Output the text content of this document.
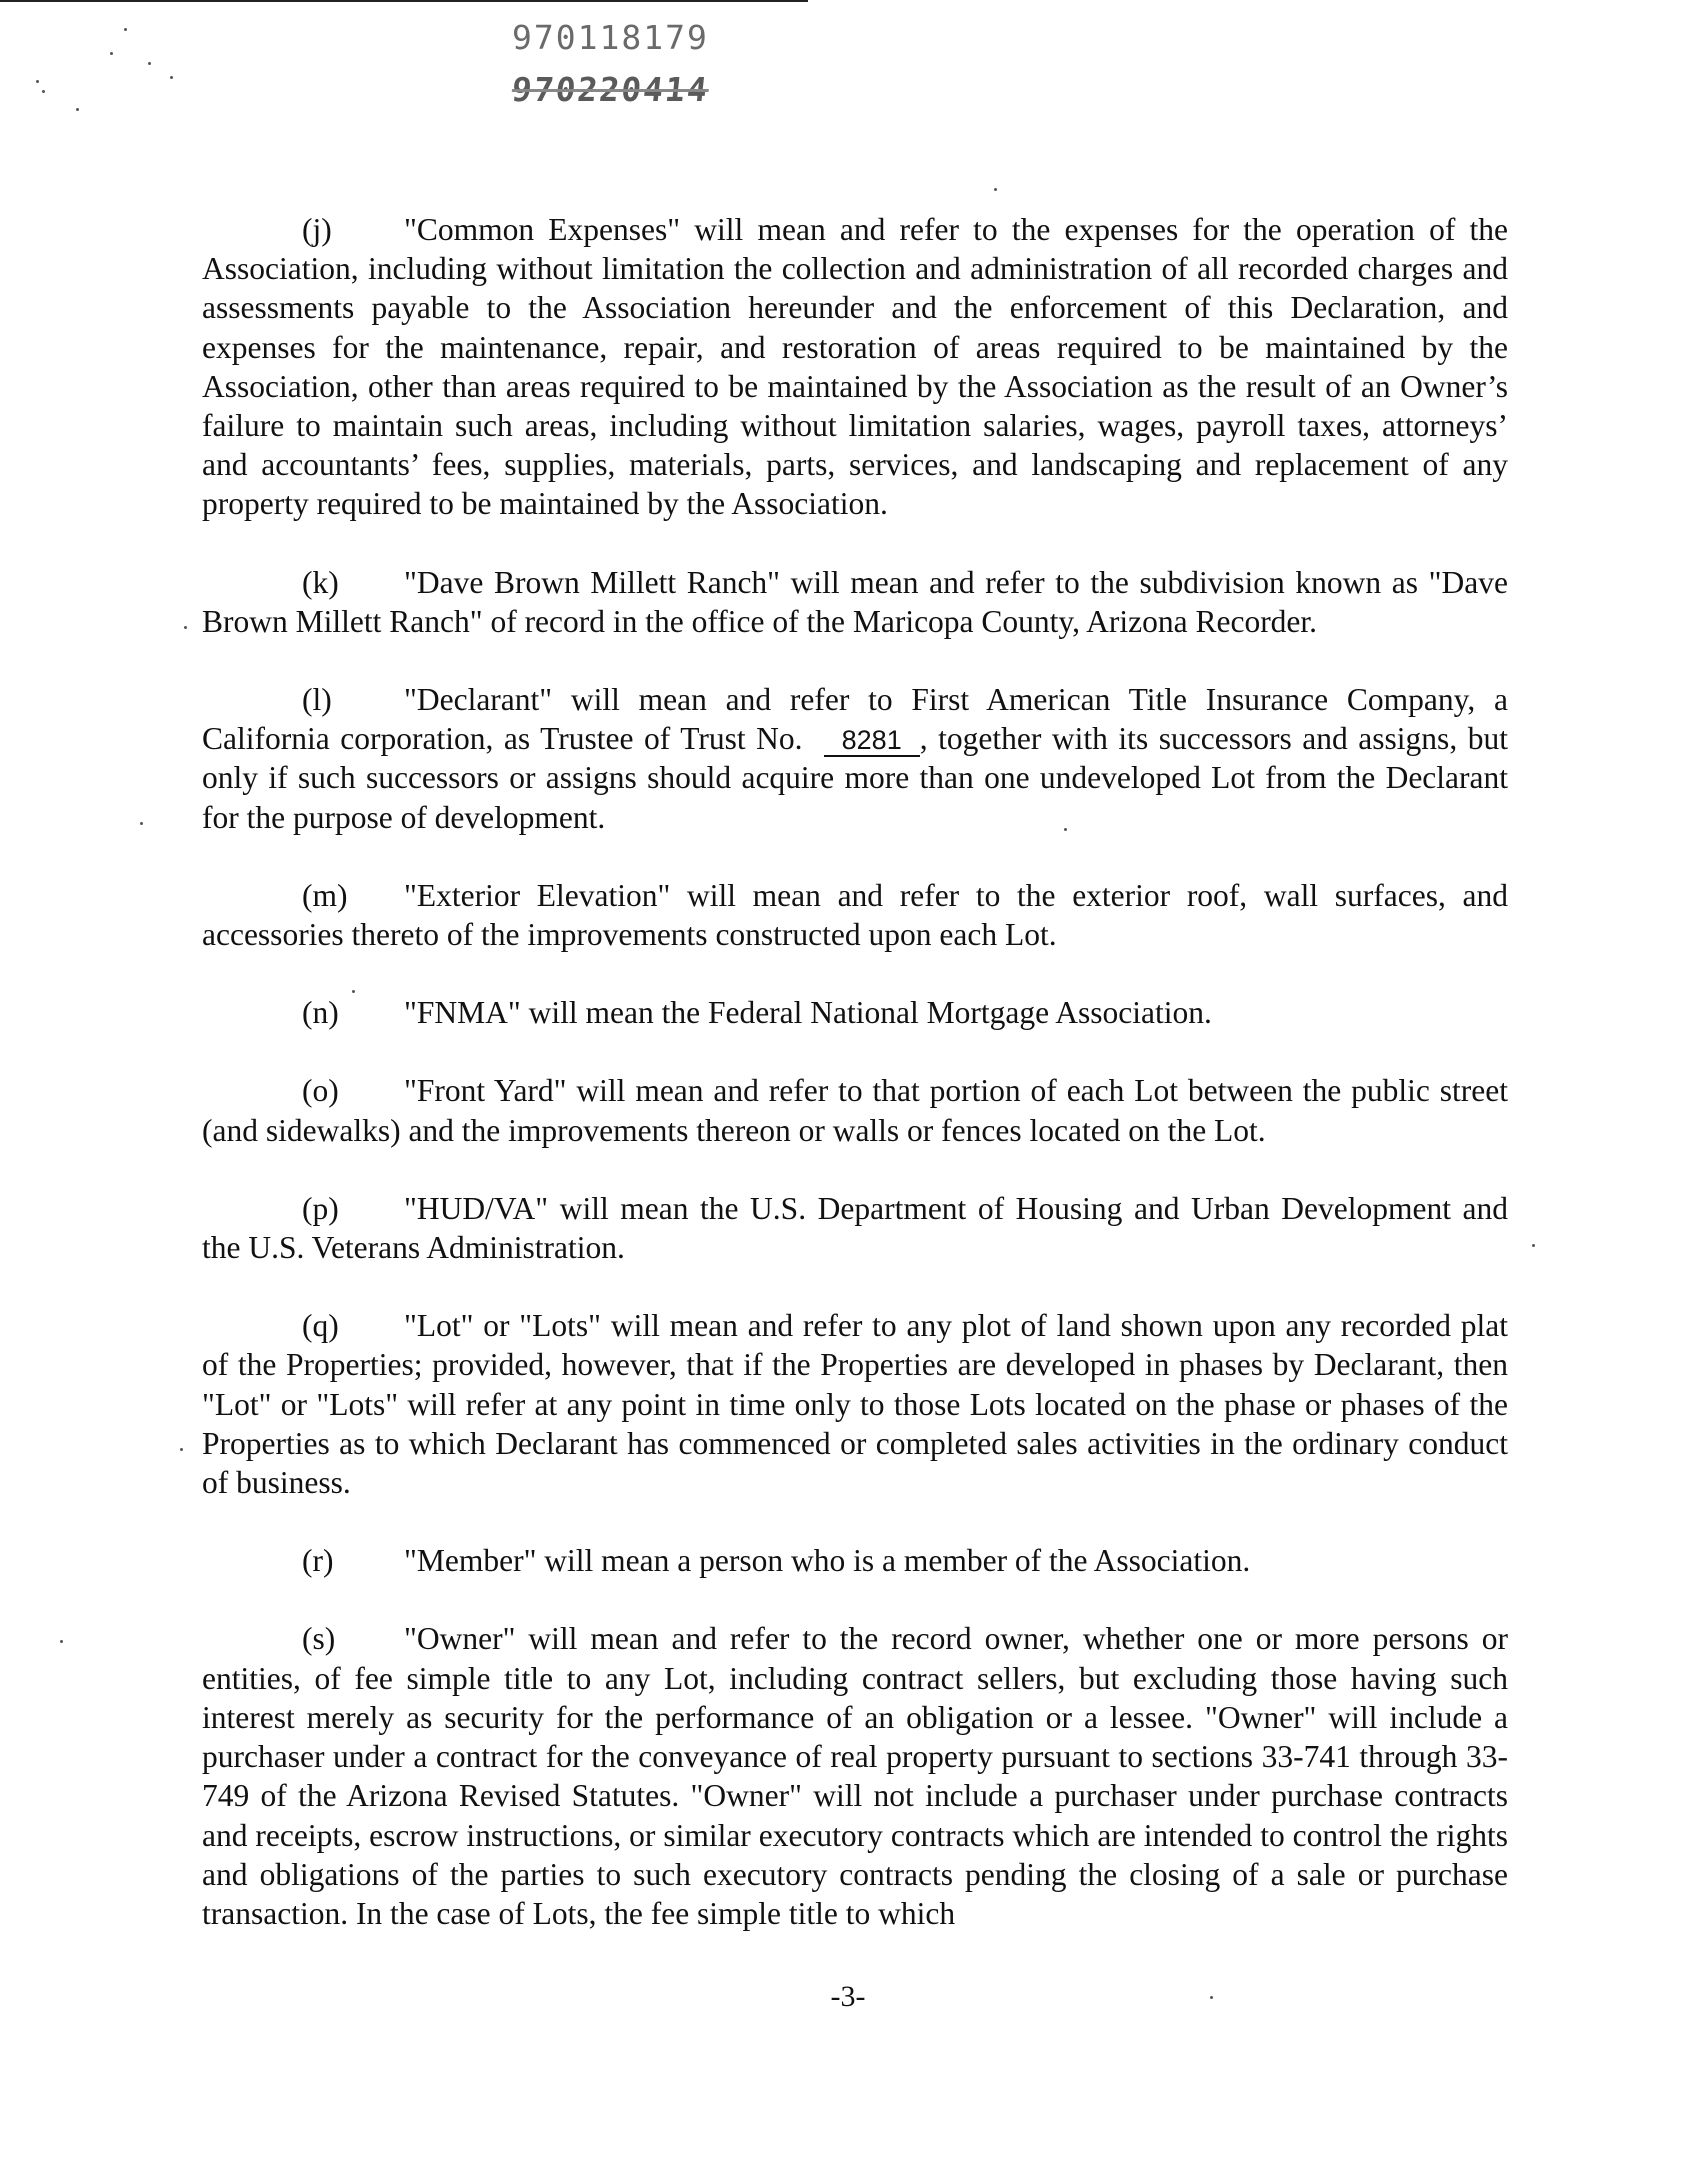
970118179
970220414

(j) "Common Expenses" will mean and refer to the expenses for the operation of the Association, including without limitation the collection and administration of all recorded charges and assessments payable to the Association hereunder and the enforcement of this Declaration, and expenses for the maintenance, repair, and restoration of areas required to be maintained by the Association, other than areas required to be maintained by the Association as the result of an Owner’s failure to maintain such areas, including without limitation salaries, wages, payroll taxes, attorneys’ and accountants’ fees, supplies, materials, parts, services, and landscaping and replacement of any property required to be maintained by the Association.

(k) "Dave Brown Millett Ranch" will mean and refer to the subdivision known as "Dave Brown Millett Ranch" of record in the office of the Maricopa County, Arizona Recorder.

(l) "Declarant" will mean and refer to First American Title Insurance Company, a California corporation, as Trustee of Trust No. 8281 , together with its successors and assigns, but only if such successors or assigns should acquire more than one undeveloped Lot from the Declarant for the purpose of development.

(m) "Exterior Elevation" will mean and refer to the exterior roof, wall surfaces, and accessories thereto of the improvements constructed upon each Lot.

(n) "FNMA" will mean the Federal National Mortgage Association.

(o) "Front Yard" will mean and refer to that portion of each Lot between the public street (and sidewalks) and the improvements thereon or walls or fences located on the Lot.

(p) "HUD/VA" will mean the U.S. Department of Housing and Urban Development and the U.S. Veterans Administration.

(q) "Lot" or "Lots" will mean and refer to any plot of land shown upon any recorded plat of the Properties; provided, however, that if the Properties are developed in phases by Declarant, then "Lot" or "Lots" will refer at any point in time only to those Lots located on the phase or phases of the Properties as to which Declarant has commenced or completed sales activities in the ordinary conduct of business.

(r) "Member" will mean a person who is a member of the Association.

(s) "Owner" will mean and refer to the record owner, whether one or more persons or entities, of fee simple title to any Lot, including contract sellers, but excluding those having such interest merely as security for the performance of an obligation or a lessee. "Owner" will include a purchaser under a contract for the conveyance of real property pursuant to sections 33-741 through 33-749 of the Arizona Revised Statutes. "Owner" will not include a purchaser under purchase contracts and receipts, escrow instructions, or similar executory contracts which are intended to control the rights and obligations of the parties to such executory contracts pending the closing of a sale or purchase transaction. In the case of Lots, the fee simple title to which

-3-
